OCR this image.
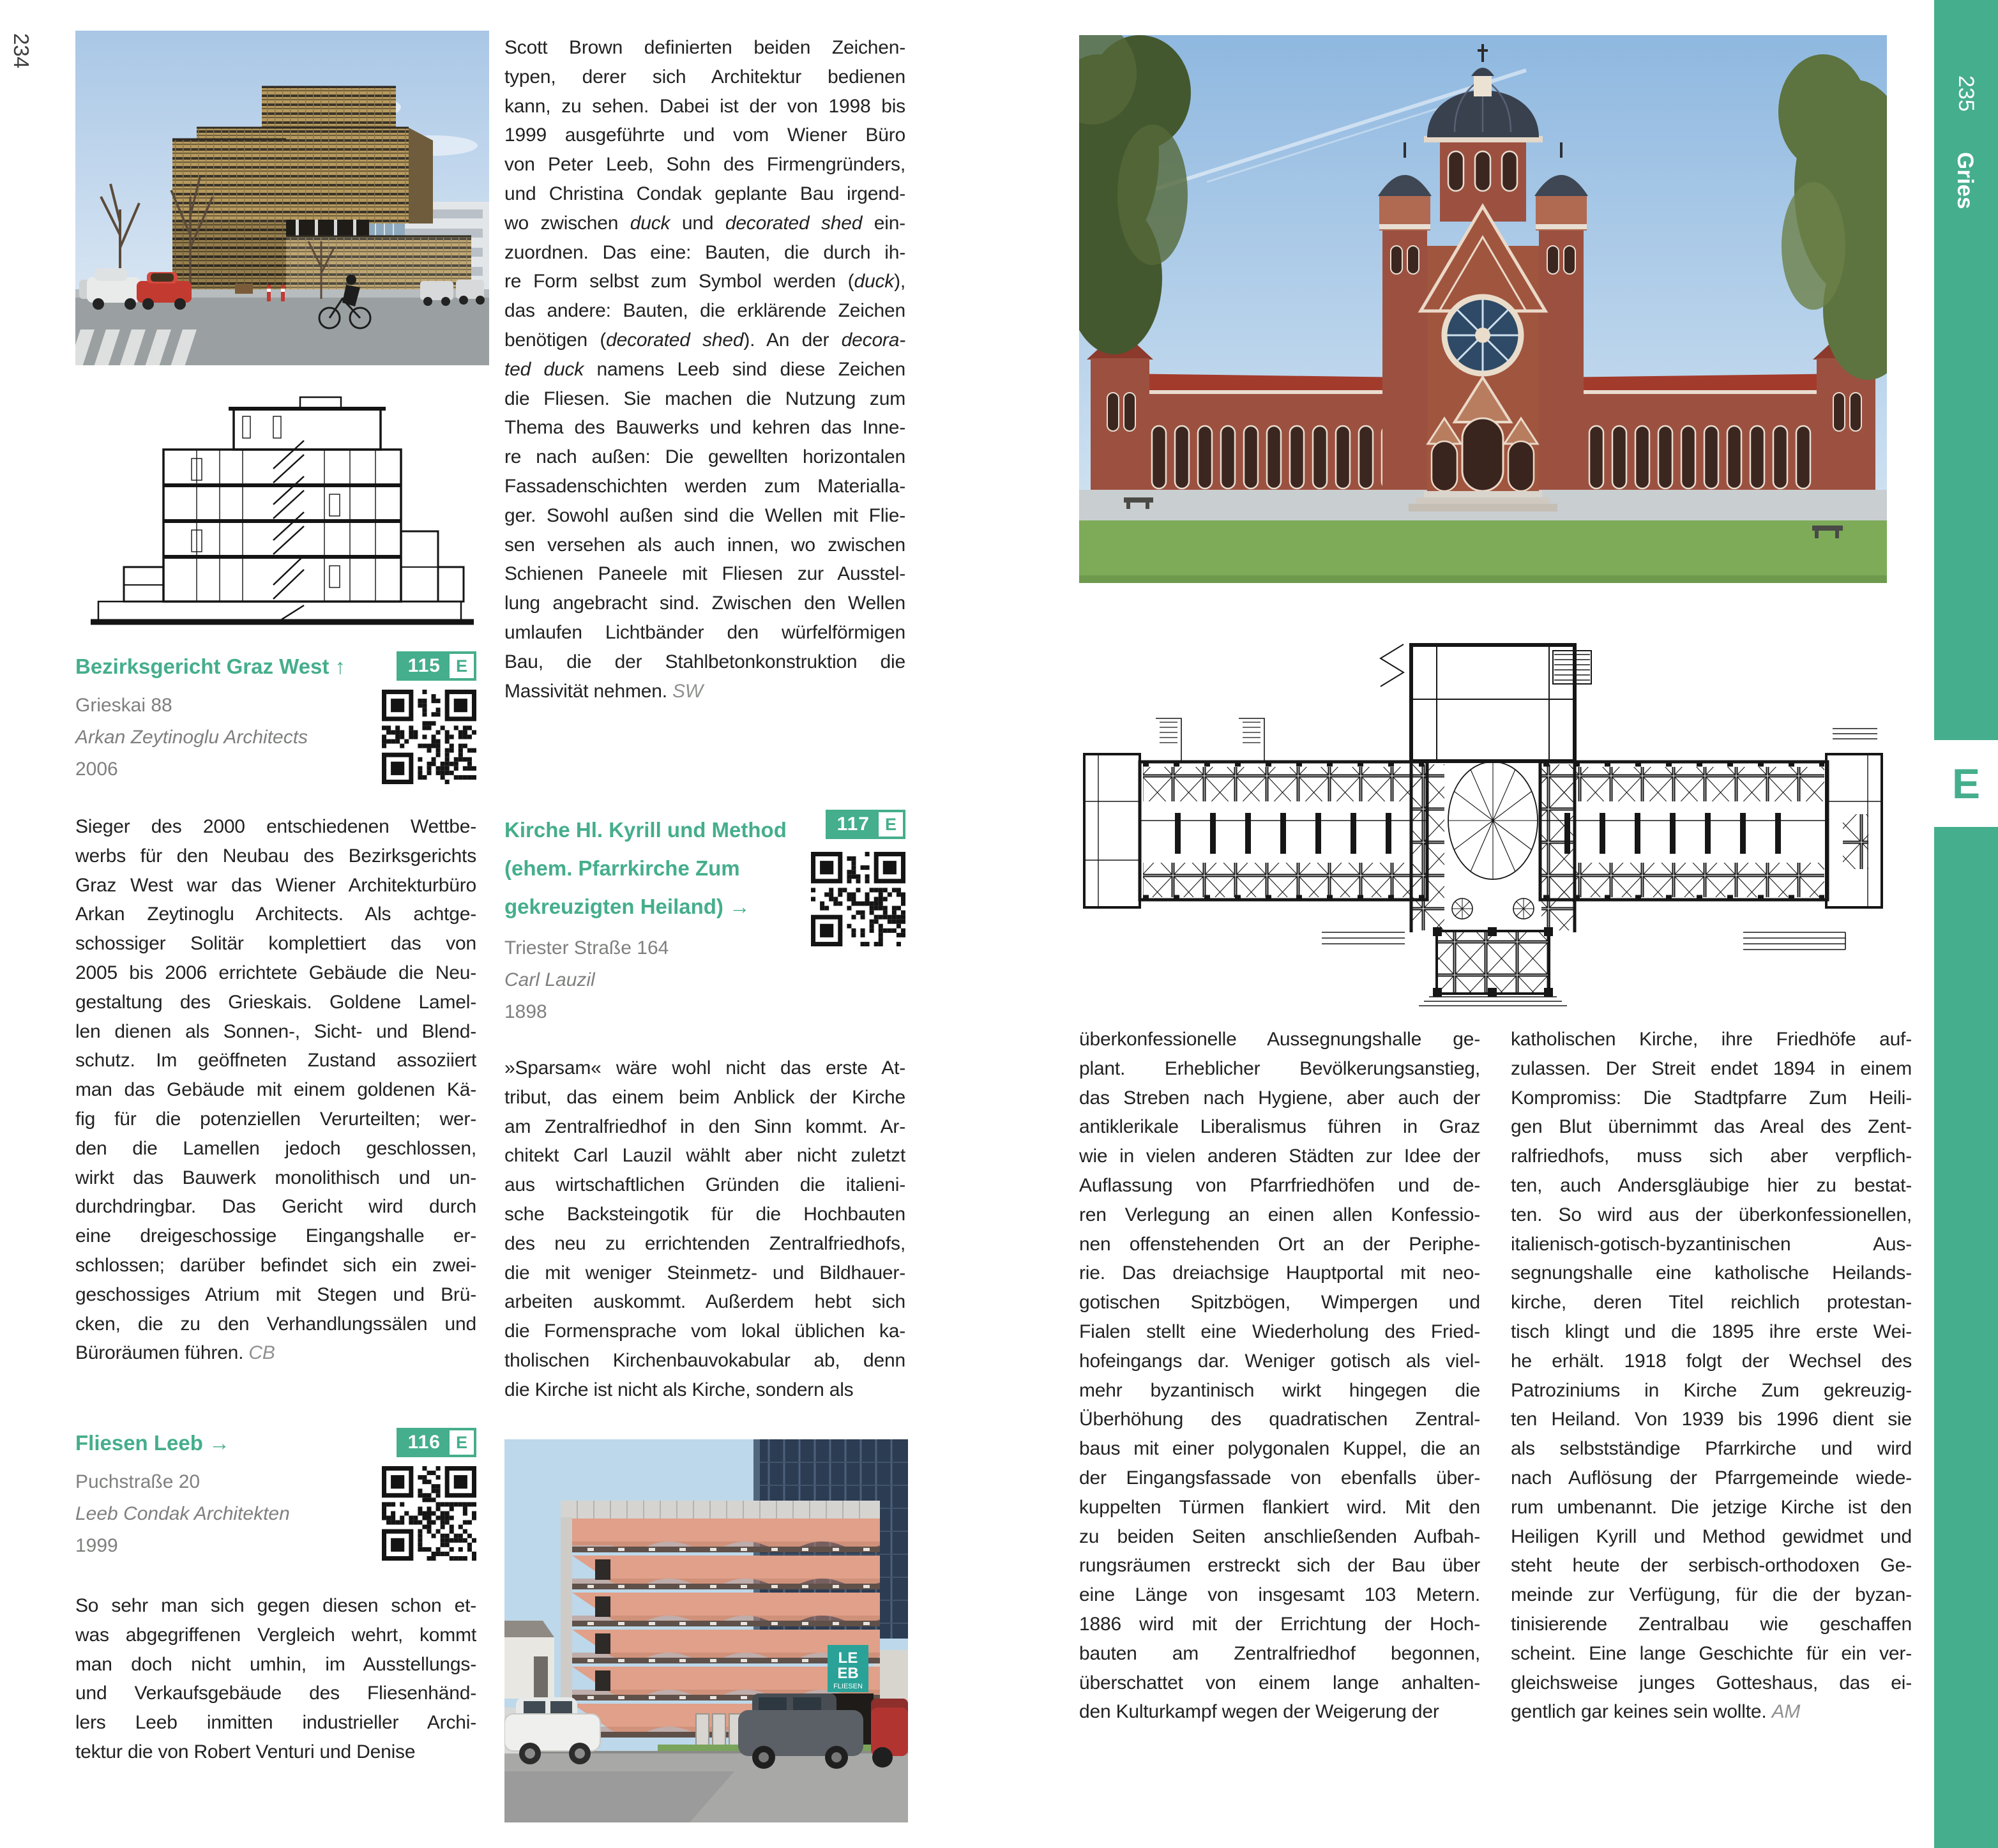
234
Bezirksgericht Graz West ↑	115 E
Grieskai 88
Arkan Zeytinoglu Architects
2006
Sieger des 2000 entschiedenen Wettbe-
werbs für den Neubau des Bezirksgerichts
Graz West war das Wiener Architekturbüro
Arkan Zeytinoglu Architects. Als achtge-
schossiger Solitär komplettiert das von
2005 bis 2006 errichtete Gebäude die Neu-
gestaltung des Grieskais. Goldene Lamel-
len dienen als Sonnen-, Sicht- und Blend-
schutz. Im geöffneten Zustand assoziiert
man das Gebäude mit einem goldenen Kä-
fig für die potenziellen Verurteilten; wer-
den die Lamellen jedoch geschlossen,
wirkt das Bauwerk monolithisch und un-
durchdringbar. Das Gericht wird durch
eine dreigeschossige Eingangshalle er-
schlossen; darüber befindet sich ein zwei-
geschossiges Atrium mit Stegen und Brü-
cken, die zu den Verhandlungssälen und
Büroräumen führen. CB
Fliesen Leeb →	116 E
Puchstraße 20
Leeb Condak Architekten
1999
So sehr man sich gegen diesen schon et-
was abgegriffenen Vergleich wehrt, kommt
man doch nicht umhin, im Ausstellungs-
und Verkaufsgebäude des Fliesenhänd-
lers Leeb inmitten industrieller Archi-
tektur die von Robert Venturi und Denise
Scott Brown definierten beiden Zeichen-
typen, derer sich Architektur bedienen
kann, zu sehen. Dabei ist der von 1998 bis
1999 ausgeführte und vom Wiener Büro
von Peter Leeb, Sohn des Firmengründers,
und Christina Condak geplante Bau irgend-
wo zwischen duck und decorated shed ein-
zuordnen. Das eine: Bauten, die durch ih-
re Form selbst zum Symbol werden (duck),
das andere: Bauten, die erklärende Zeichen
benötigen (decorated shed). An der decora-
ted duck namens Leeb sind diese Zeichen
die Fliesen. Sie machen die Nutzung zum
Thema des Bauwerks und kehren das Inne-
re nach außen: Die gewellten horizontalen
Fassadenschichten werden zum Materialla-
ger. Sowohl außen sind die Wellen mit Flie-
sen versehen als auch innen, wo zwischen
Schienen Paneele mit Fliesen zur Ausstel-
lung angebracht sind. Zwischen den Wellen
umlaufen Lichtbänder den würfelförmigen
Bau, die der Stahlbetonkonstruktion die
Massivität nehmen. SW
Kirche Hl. Kyrill und Method
(ehem. Pfarrkirche Zum
gekreuzigten Heiland) →
117 E
Triester Straße 164
Carl Lauzil
1898
»Sparsam« wäre wohl nicht das erste At-
tribut, das einem beim Anblick der Kirche
am Zentralfriedhof in den Sinn kommt. Ar-
chitekt Carl Lauzil wählt aber nicht zuletzt
aus wirtschaftlichen Gründen die italieni-
sche Backsteingotik für die Hochbauten
des neu zu errichtenden Zentralfriedhofs,
die mit weniger Steinmetz- und Bildhauer-
arbeiten auskommt. Außerdem hebt sich
die Formensprache vom lokal üblichen ka-
tholischen Kirchenbauvokabular ab, denn
die Kirche ist nicht als Kirche, sondern als
LE
EB
FLIESEN
überkonfessionelle Aussegnungshalle ge-
plant. Erheblicher Bevölkerungsanstieg,
das Streben nach Hygiene, aber auch der
antiklerikale Liberalismus führen in Graz
wie in vielen anderen Städten zur Idee der
Auflassung von Pfarrfriedhöfen und de-
ren Verlegung an einen allen Konfessio-
nen offenstehenden Ort an der Periphe-
rie. Das dreiachsige Hauptportal mit neo-
gotischen Spitzbögen, Wimpergen und
Fialen stellt eine Wiederholung des Fried-
hofeingangs dar. Weniger gotisch als viel-
mehr byzantinisch wirkt hingegen die
Überhöhung des quadratischen Zentral-
baus mit einer polygonalen Kuppel, die an
der Eingangsfassade von ebenfalls über-
kuppelten Türmen flankiert wird. Mit den
zu beiden Seiten anschließenden Aufbah-
rungsräumen erstreckt sich der Bau über
eine Länge von insgesamt 103 Metern.
1886 wird mit der Errichtung der Hoch-
bauten am Zentralfriedhof begonnen,
überschattet von einem lange anhalten-
den Kulturkampf wegen der Weigerung der
katholischen Kirche, ihre Friedhöfe auf-
zulassen. Der Streit endet 1894 in einem
Kompromiss: Die Stadtpfarre Zum Heili-
gen Blut übernimmt das Areal des Zent-
ralfriedhofs, muss sich aber verpflich-
ten, auch Andersgläubige hier zu bestat-
ten. So wird aus der überkonfessionellen,
italienisch-gotisch-byzantinischen Aus-
segnungshalle eine katholische Heilands-
kirche, deren Titel reichlich protestan-
tisch klingt und die 1895 ihre erste Wei-
he erhält. 1918 folgt der Wechsel des
Patroziniums in Kirche Zum gekreuzig-
ten Heiland. Von 1939 bis 1996 dient sie
als selbstständige Pfarrkirche und wird
nach Auflösung der Pfarrgemeinde wiede-
rum umbenannt. Die jetzige Kirche ist den
Heiligen Kyrill und Method gewidmet und
steht heute der serbisch-orthodoxen Ge-
meinde zur Verfügung, für die der byzan-
tinisierende Zentralbau wie geschaffen
scheint. Eine lange Geschichte für ein ver-
gleichsweise junges Gotteshaus, das ei-
gentlich gar keines sein wollte. AM
235
Gries
E
